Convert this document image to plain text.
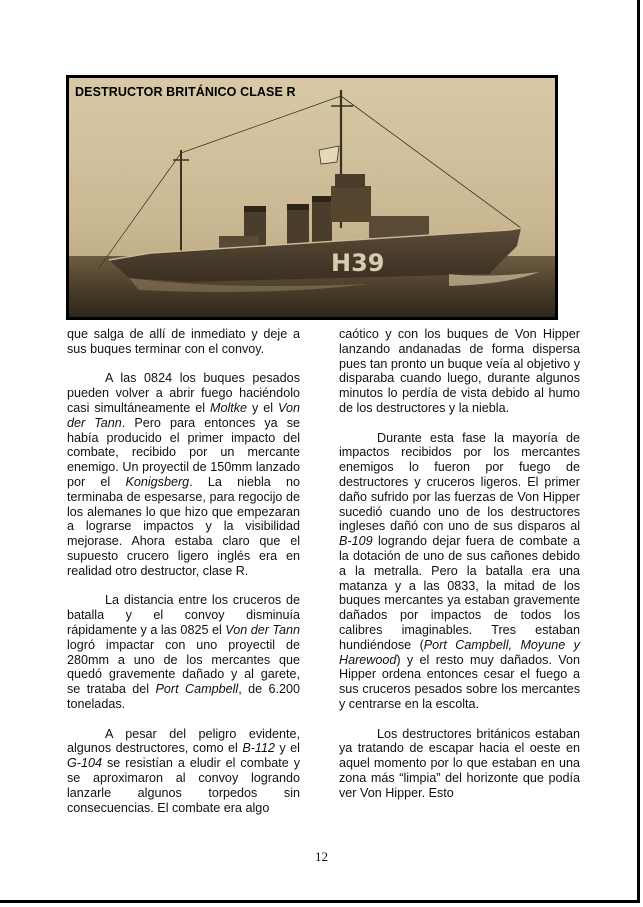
H39
DESTRUCTOR BRITÁNICO CLASE R

que salga de allí de inmediato y deje a sus buques terminar con el convoy.

A las 0824 los buques pesados pueden volver a abrir fuego haciéndolo casi simultáneamente el Moltke y el Von der Tann. Pero para entonces ya se había producido el primer impacto del combate, recibido por un mercante enemigo. Un proyectil de 150mm lanzado por el Konigsberg. La niebla no terminaba de espesarse, para regocijo de los alemanes lo que hizo que empezaran a lograrse impactos y la visibilidad mejorase. Ahora estaba claro que el supuesto crucero ligero inglés era en realidad otro destructor, clase R.

La distancia entre los cruceros de batalla y el convoy disminuía rápidamente y a las 0825 el Von der Tann logró impactar con uno proyectil de 280mm a uno de los mercantes que quedó gravemente dañado y al garete, se trataba del Port Campbell, de 6.200 toneladas.

A pesar del peligro evidente, algunos destructores, como el B-112 y el G-104 se resistían a eludir el combate y se aproximaron al convoy logrando lanzarle algunos torpedos sin consecuencias. El combate era algo

caótico y con los buques de Von Hipper lanzando andanadas de forma dispersa pues tan pronto un buque veía al objetivo y disparaba cuando luego, durante algunos minutos lo perdía de vista debido al humo de los destructores y la niebla.

Durante esta fase la mayoría de impactos recibidos por los mercantes enemigos lo fueron por fuego de destructores y cruceros ligeros. El primer daño sufrido por las fuerzas de Von Hipper sucedió cuando uno de los destructores ingleses dañó con uno de sus disparos al B-109 logrando dejar fuera de combate a la dotación de uno de sus cañones debido a la metralla. Pero la batalla era una matanza y a las 0833, la mitad de los buques mercantes ya estaban gravemente dañados por impactos de todos los calibres imaginables. Tres estaban hundiéndose (Port Campbell, Moyune y Harewood) y el resto muy dañados. Von Hipper ordena entonces cesar el fuego a sus cruceros pesados sobre los mercantes y centrarse en la escolta.

Los destructores británicos estaban ya tratando de escapar hacia el oeste en aquel momento por lo que estaban en una zona más “limpia” del horizonte que podía ver Von Hipper. Esto

12
